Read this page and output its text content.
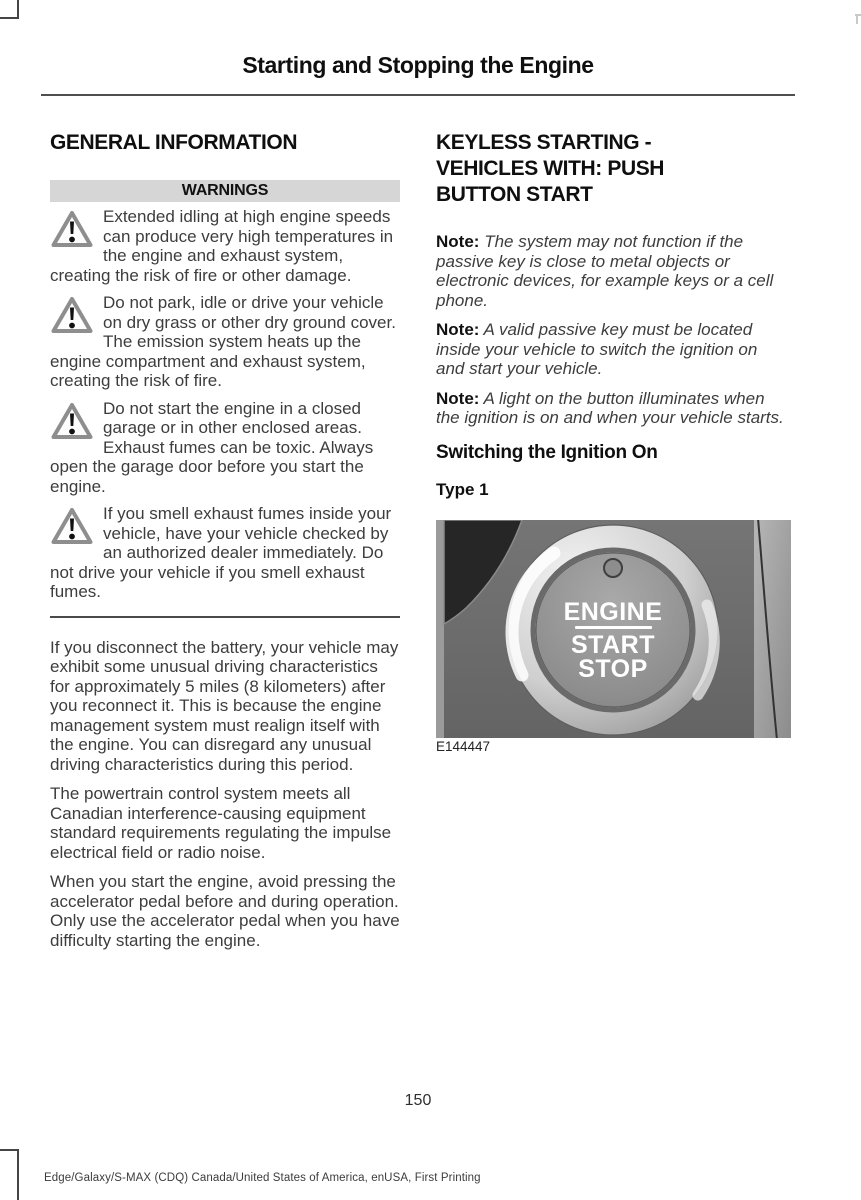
Starting and Stopping the Engine
GENERAL INFORMATION
WARNINGS
Extended idling at high engine speeds can produce very high temperatures in the engine and exhaust system, creating the risk of fire or other damage.
Do not park, idle or drive your vehicle on dry grass or other dry ground cover. The emission system heats up the engine compartment and exhaust system, creating the risk of fire.
Do not start the engine in a closed garage or in other enclosed areas. Exhaust fumes can be toxic. Always open the garage door before you start the engine.
If you smell exhaust fumes inside your vehicle, have your vehicle checked by an authorized dealer immediately. Do not drive your vehicle if you smell exhaust fumes.

If you disconnect the battery, your vehicle may exhibit some unusual driving characteristics for approximately 5 miles (8 kilometers) after you reconnect it. This is because the engine management system must realign itself with the engine. You can disregard any unusual driving characteristics during this period.

The powertrain control system meets all Canadian interference-causing equipment standard requirements regulating the impulse electrical field or radio noise.

When you start the engine, avoid pressing the accelerator pedal before and during operation. Only use the accelerator pedal when you have difficulty starting the engine.

KEYLESS STARTING - VEHICLES WITH: PUSH BUTTON START

Note: The system may not function if the passive key is close to metal objects or electronic devices, for example keys or a cell phone.

Note: A valid passive key must be located inside your vehicle to switch the ignition on and start your vehicle.

Note: A light on the button illuminates when the ignition is on and when your vehicle starts.

Switching the Ignition On
Type 1
ENGINE
START
STOP
E144447
150
Edge/Galaxy/S-MAX (CDQ) Canada/United States of America, enUSA, First Printing
